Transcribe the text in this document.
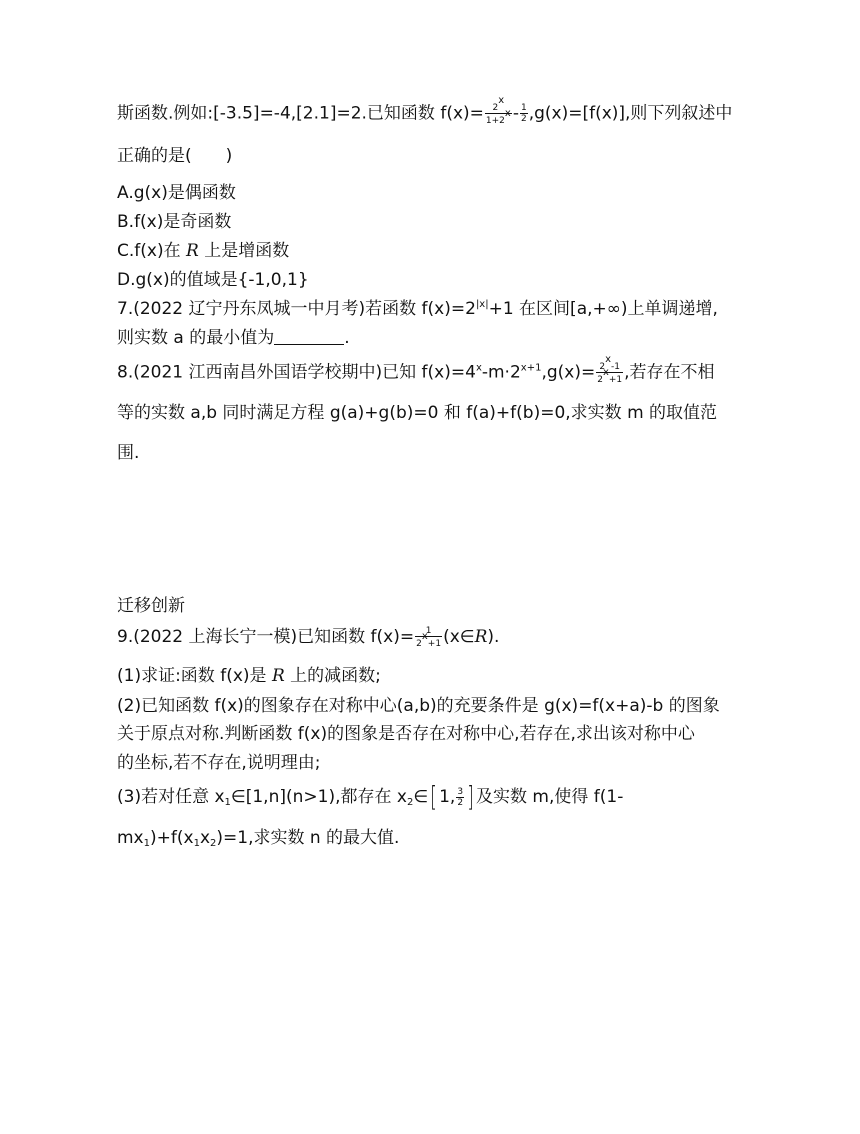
斯函数.例如:[-3.5]=-4,[2.1]=2.已知函数 $f(x)= \frac{2^x}{1+2^x} - \frac{1}{2} ,g(x)=[f(x)]$,则下列叙述中
正确的是(　　)
A.g(x)是偶函数
B.f(x)是奇函数
C.f(x)在 R 上是增函数
D.g(x)的值域是{-1,0,1}
7.(2022 辽宁丹东凤城一中月考)若函数 $f(x)=2^{|x|}+1$ 在区间[a,+∞)上单调递增,
则实数 a 的最小值为	.
8.(2021 江西南昌外国语学校期中)已知 $f(x)=4^x-m\cdot 2^{x+1},g(x)= \frac{2^x-1}{2^x+1}$ ,若存在不相
等的实数 a,b 同时满足方程 g(a)+g(b)=0 和 f(a)+f(b)=0,求实数 m 的取值范
围.
迁移创新
9.(2022 上海长宁一模)已知函数 $f(x)= \frac{1}{2^x+1}$ (x∈R).
(1)求证:函数 f(x)是 R 上的减函数;
(2)已知函数 f(x)的图象存在对称中心(a,b)的充要条件是 g(x)=f(x+a)-b 的图象
关于原点对称.判断函数 f(x)的图象是否存在对称中心,若存在,求出该对称中心
的坐标,若不存在,说明理由;
(3)若对任意 $x_1\in[1,n](n>1)$,都存在 $x_2\in$[ 1, $\frac{3}{2}$ ] 及实数 m,使得 f(1-
$mx_1)+f(x_1x_2)=1$,求实数 n 的最大值.
